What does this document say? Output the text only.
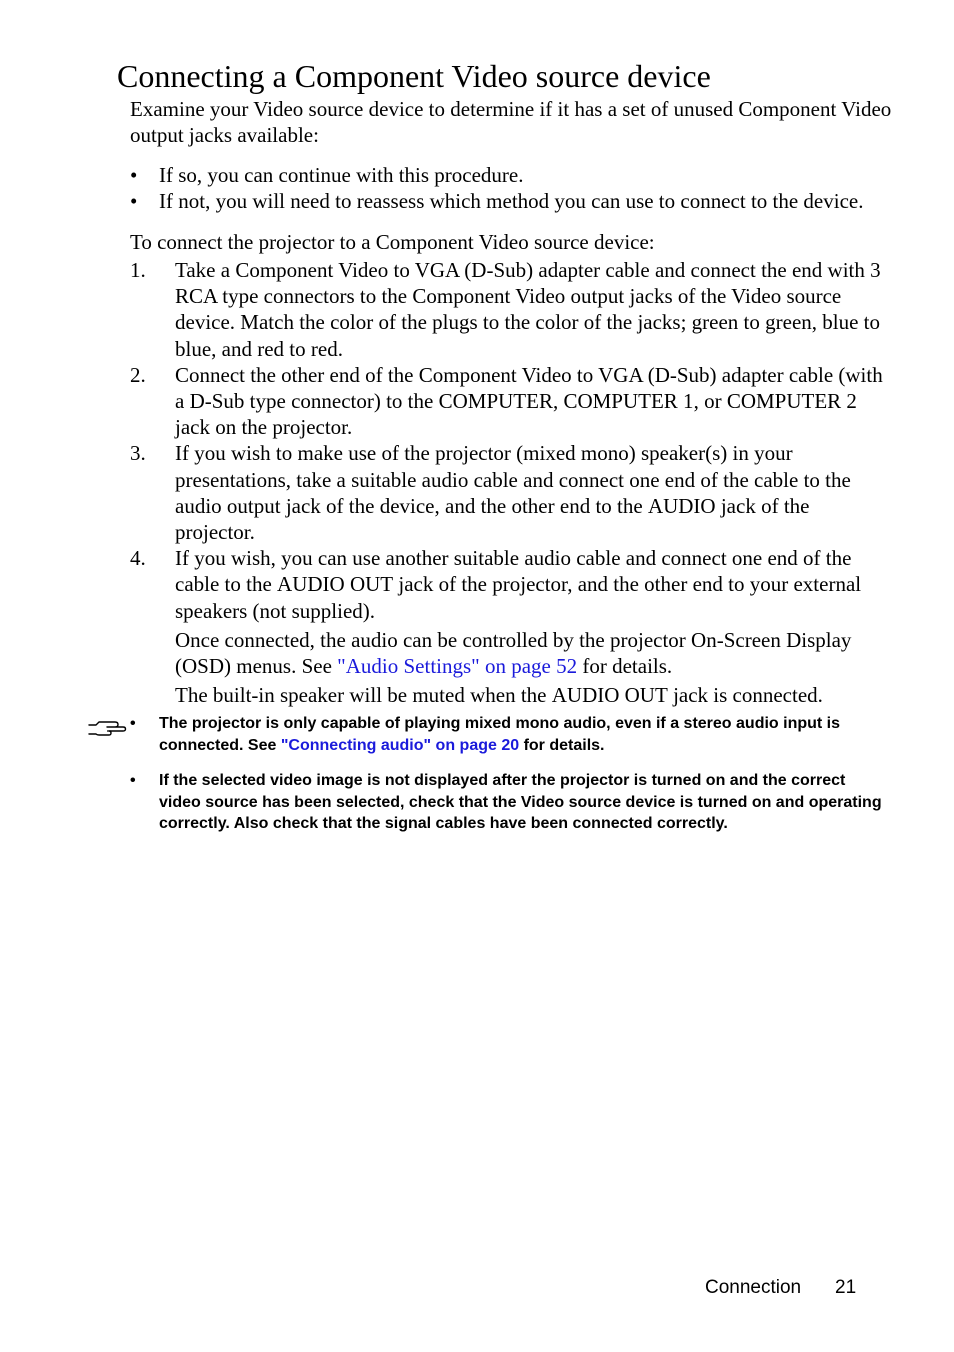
Connecting a Component Video source device

Examine your Video source device to determine if it has a set of unused Component Video output jacks available:

• If so, you can continue with this procedure.
• If not, you will need to reassess which method you can use to connect to the device.

To connect the projector to a Component Video source device:

1. Take a Component Video to VGA (D-Sub) adapter cable and connect the end with 3 RCA type connectors to the Component Video output jacks of the Video source device. Match the color of the plugs to the color of the jacks; green to green, blue to blue, and red to red.
2. Connect the other end of the Component Video to VGA (D-Sub) adapter cable (with a D-Sub type connector) to the COMPUTER, COMPUTER 1, or COMPUTER 2 jack on the projector.
3. If you wish to make use of the projector (mixed mono) speaker(s) in your presentations, take a suitable audio cable and connect one end of the cable to the audio output jack of the device, and the other end to the AUDIO jack of the projector.
4. If you wish, you can use another suitable audio cable and connect one end of the cable to the AUDIO OUT jack of the projector, and the other end to your external speakers (not supplied).

Once connected, the audio can be controlled by the projector On-Screen Display (OSD) menus. See "Audio Settings" on page 52 for details.

The built-in speaker will be muted when the AUDIO OUT jack is connected.

• The projector is only capable of playing mixed mono audio, even if a stereo audio input is connected. See "Connecting audio" on page 20 for details.
• If the selected video image is not displayed after the projector is turned on and the correct video source has been selected, check that the Video source device is turned on and operating correctly. Also check that the signal cables have been connected correctly.
Connection 21
